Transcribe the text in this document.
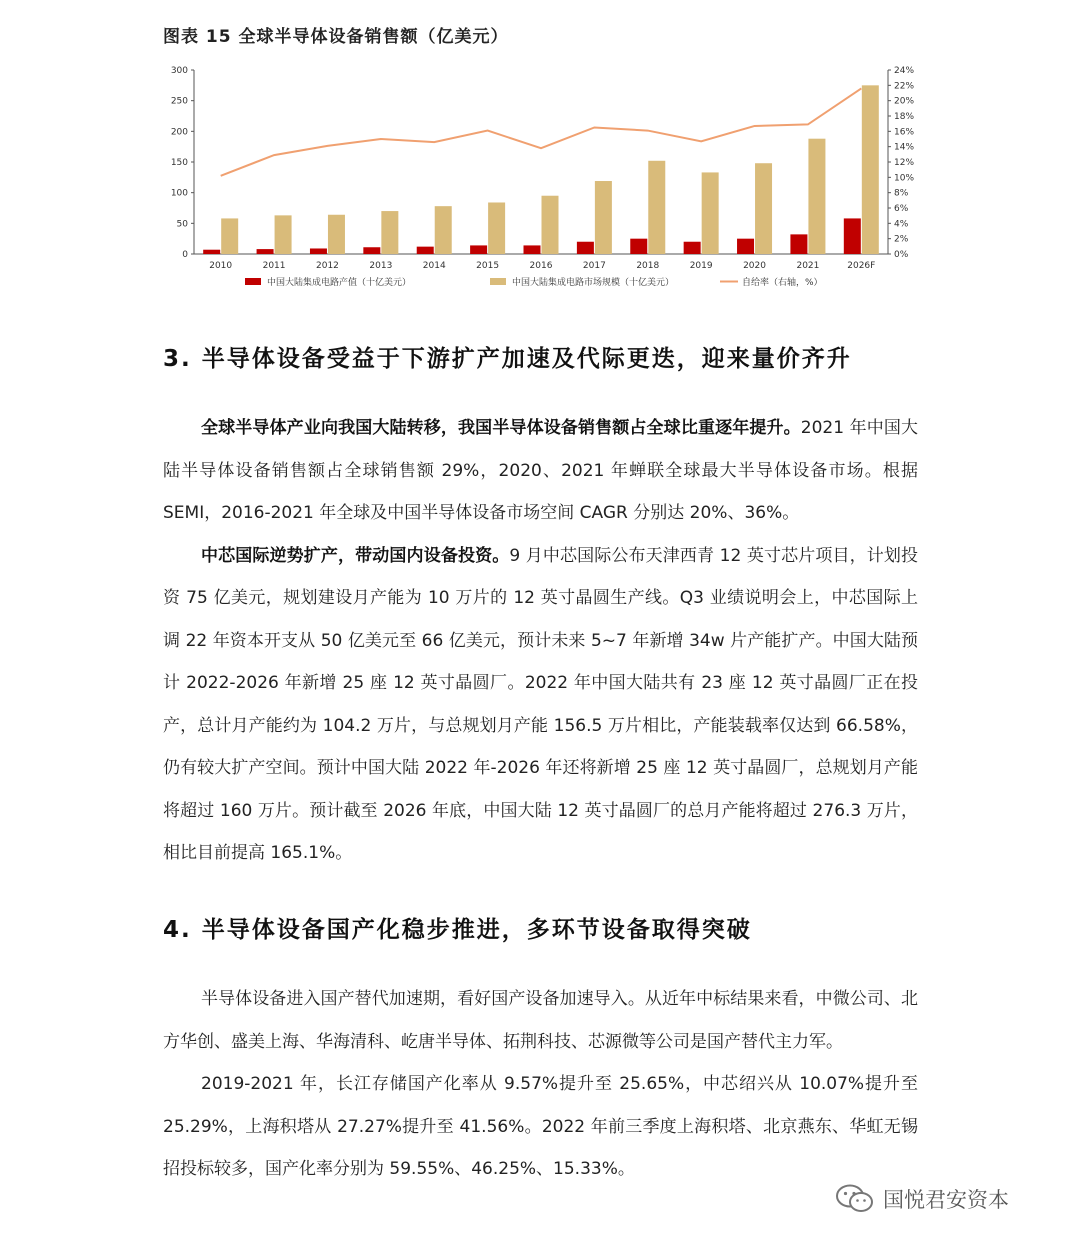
图表 15 全球半导体设备销售额（亿美元）
0
50
100
150
200
250
300
0%
2%
4%
6%
8%
10%
12%
14%
16%
18%
20%
22%
24%
2010	2011	2012	2013	2014	2015	2016	2017	2018	2019	2020	2021	2026F
中国大陆集成电路产值（十亿美元）	中国大陆集成电路市场规模（十亿美元）	自给率（右轴，%）
3. 半导体设备受益于下游扩产加速及代际更迭，迎来量价齐升

全球半导体产业向我国大陆转移，我国半导体设备销售额占全球比重逐年提升。2021 年中国大陆半导体设备销售额占全球销售额 29%，2020、2021 年蝉联全球最大半导体设备市场。根据 SEMI，2016-2021 年全球及中国半导体设备市场空间 CAGR 分别达 20%、36%。

中芯国际逆势扩产，带动国内设备投资。9 月中芯国际公布天津西青 12 英寸芯片项目，计划投资 75 亿美元，规划建设月产能为 10 万片的 12 英寸晶圆生产线。Q3 业绩说明会上，中芯国际上调 22 年资本开支从 50 亿美元至 66 亿美元，预计未来 5~7 年新增 34w 片产能扩产。中国大陆预计 2022-2026 年新增 25 座 12 英寸晶圆厂。2022 年中国大陆共有 23 座 12 英寸晶圆厂正在投产，总计月产能约为 104.2 万片，与总规划月产能 156.5 万片相比，产能装载率仅达到 66.58%，仍有较大扩产空间。预计中国大陆 2022 年-2026 年还将新增 25 座 12 英寸晶圆厂，总规划月产能将超过 160 万片。预计截至 2026 年底，中国大陆 12 英寸晶圆厂的总月产能将超过 276.3 万片，相比目前提高 165.1%。

4. 半导体设备国产化稳步推进，多环节设备取得突破

半导体设备进入国产替代加速期，看好国产设备加速导入。从近年中标结果来看，中微公司、北方华创、盛美上海、华海清科、屹唐半导体、拓荆科技、芯源微等公司是国产替代主力军。

2019-2021 年，长江存储国产化率从 9.57%提升至 25.65%，中芯绍兴从 10.07%提升至 25.29%，上海积塔从 27.27%提升至 41.56%。2022 年前三季度上海积塔、北京燕东、华虹无锡招投标较多，国产化率分别为 59.55%、46.25%、15.33%。

国悦君安资本
